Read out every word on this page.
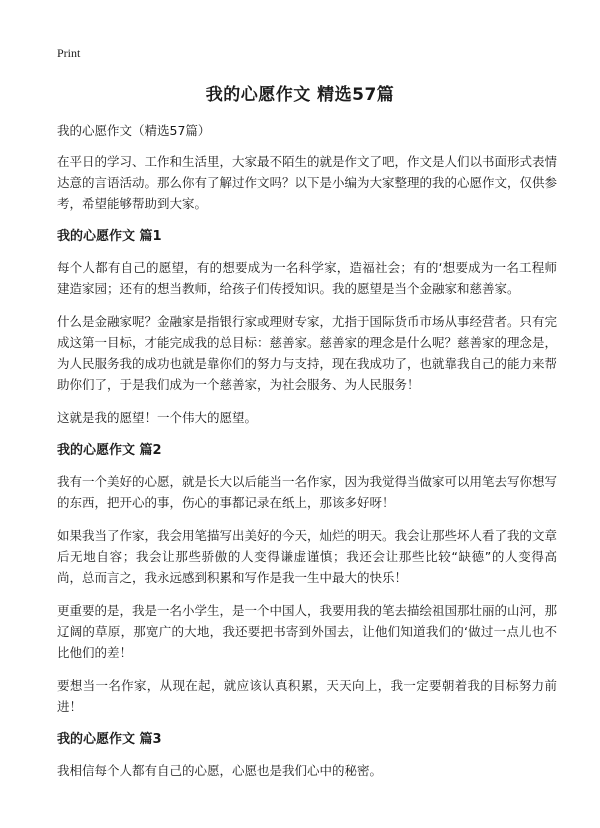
Print
我的心愿作文 精选57篇

我的心愿作文（精选57篇）

在平日的学习、工作和生活里，大家最不陌生的就是作文了吧，作文是人们以书面形式表情达意的言语活动。那么你有了解过作文吗？以下是小编为大家整理的我的心愿作文，仅供参考，希望能够帮助到大家。

我的心愿作文 篇1

每个人都有自己的愿望，有的想要成为一名科学家，造福社会；有的‘想要成为一名工程师建造家园；还有的想当教师，给孩子们传授知识。我的愿望是当个金融家和慈善家。

什么是金融家呢？金融家是指银行家或理财专家，尤指于国际货币市场从事经营者。只有完成这第一目标，才能完成我的总目标：慈善家。慈善家的理念是什么呢？慈善家的理念是，为人民服务我的成功也就是靠你们的努力与支持，现在我成功了，也就靠我自己的能力来帮助你们了，于是我们成为一个慈善家，为社会服务、为人民服务！

这就是我的愿望！一个伟大的愿望。

我的心愿作文 篇2

我有一个美好的心愿，就是长大以后能当一名作家，因为我觉得当做家可以用笔去写你想写的东西，把开心的事，伤心的事都记录在纸上，那该多好呀！

如果我当了作家，我会用笔描写出美好的今天，灿烂的明天。我会让那些坏人看了我的文章后无地自容；我会让那些骄傲的人变得谦虚谨慎；我还会让那些比较“缺德”的人变得高尚，总而言之，我永远感到积累和写作是我一生中最大的快乐！

更重要的是，我是一名小学生，是一个中国人，我要用我的笔去描绘祖国那壮丽的山河，那辽阔的草原，那宽广的大地，我还要把书寄到外国去，让他们知道我们的‘做过一点儿也不比他们的差！

要想当一名作家，从现在起，就应该认真积累，天天向上，我一定要朝着我的目标努力前进！

我的心愿作文 篇3

我相信每个人都有自己的心愿，心愿也是我们心中的秘密。
